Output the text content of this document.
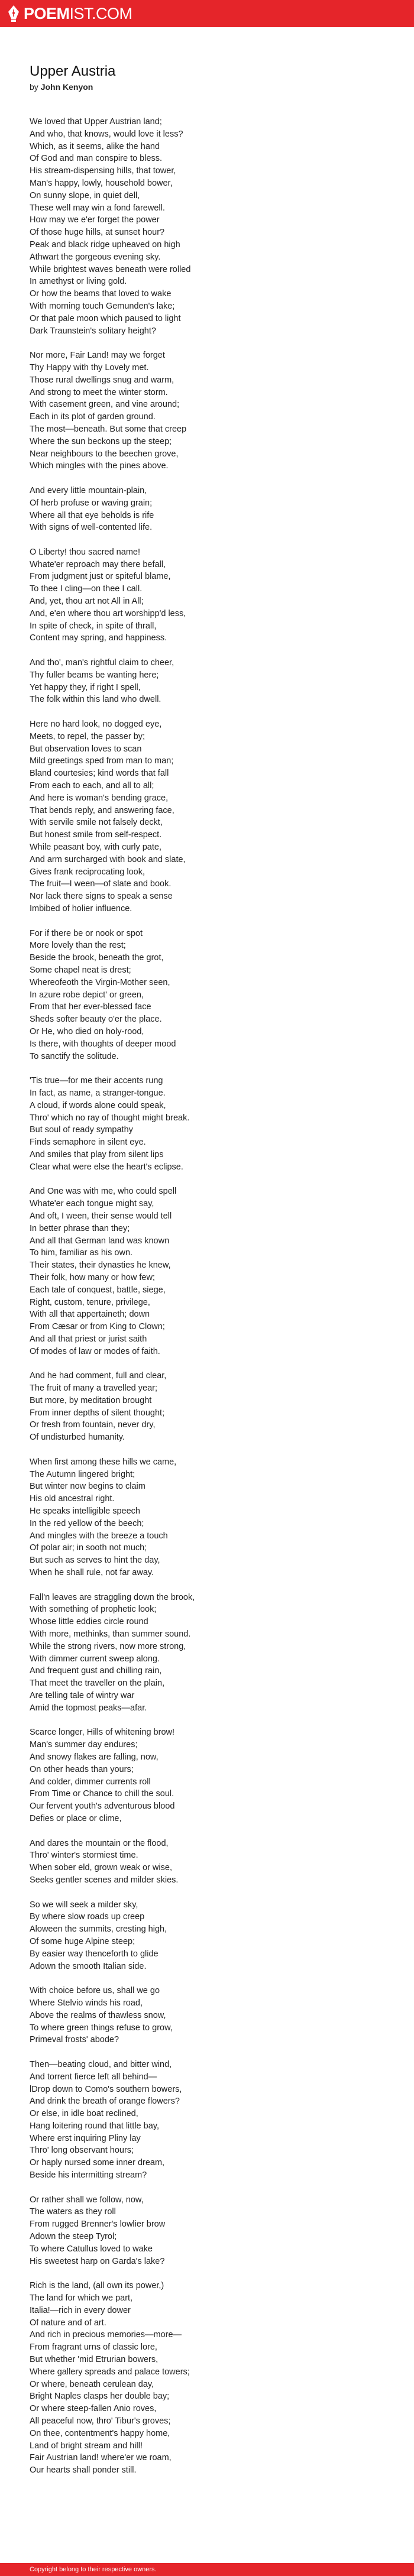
POEMIST.COM
Upper Austria
by John Kenyon
We loved that Upper Austrian land;
And who, that knows, would love it less?
Which, as it seems, alike the hand
Of God and man conspire to bless.
His stream-dispensing hills, that tower,
Man's happy, lowly, household bower,
On sunny slope, in quiet dell,
These well may win a fond farewell.
How may we e'er forget the power
Of those huge hills, at sunset hour?
Peak and black ridge upheaved on high
Athwart the gorgeous evening sky.
While brightest waves beneath were rolled
In amethyst or living gold.
Or how the beams that loved to wake
With morning touch Gemunden's lake;
Or that pale moon which paused to light
Dark Traunstein's solitary height?
Nor more, Fair Land! may we forget
Thy Happy with thy Lovely met.
Those rural dwellings snug and warm,
And strong to meet the winter storm.
With casement green, and vine around;
Each in its plot of garden ground.
The most—beneath. But some that creep
Where the sun beckons up the steep;
Near neighbours to the beechen grove,
Which mingles with the pines above.
And every little mountain-plain,
Of herb profuse or waving grain;
Where all that eye beholds is rife
With signs of well-contented life.
O Liberty! thou sacred name!
Whate'er reproach may there befall,
From judgment just or spiteful blame,
To thee I cling—on thee I call.
And, yet, thou art not All in All;
And, e'en where thou art worshipp'd less,
In spite of check, in spite of thrall,
Content may spring, and happiness.
And tho', man's rightful claim to cheer,
Thy fuller beams be wanting here;
Yet happy they, if right I spell,
The folk within this land who dwell.
Here no hard look, no dogged eye,
Meets, to repel, the passer by;
But observation loves to scan
Mild greetings sped from man to man;
Bland courtesies; kind words that fall
From each to each, and all to all;
And here is woman's bending grace,
That bends reply, and answering face,
With servile smile not falsely deckt,
But honest smile from self-respect.
While peasant boy, with curly pate,
And arm surcharged with book and slate,
Gives frank reciprocating look,
The fruit—I ween—of slate and book.
Nor lack there signs to speak a sense
Imbibed of holier influence.
For if there be or nook or spot
More lovely than the rest;
Beside the brook, beneath the grot,
Some chapel neat is drest;
Whereofeoth the Virgin-Mother seen,
In azure robe depict' or green,
From that her ever-blessed face
Sheds softer beauty o'er the place.
Or He, who died on holy-rood,
Is there, with thoughts of deeper mood
To sanctify the solitude.
'Tis true—for me their accents rung
In fact, as name, a stranger-tongue.
A cloud, if words alone could speak,
Thro' which no ray of thought might break.
But soul of ready sympathy
Finds semaphore in silent eye.
And smiles that play from silent lips
Clear what were else the heart's eclipse.
And One was with me, who could spell
Whate'er each tongue might say,
And oft, I ween, their sense would tell
In better phrase than they;
And all that German land was known
To him, familiar as his own.
Their states, their dynasties he knew,
Their folk, how many or how few;
Each tale of conquest, battle, siege,
Right, custom, tenure, privilege,
With all that appertaineth; down
From Cæsar or from King to Clown;
And all that priest or jurist saith
Of modes of law or modes of faith.
And he had comment, full and clear,
The fruit of many a travelled year;
But more, by meditation brought
From inner depths of silent thought;
Or fresh from fountain, never dry,
Of undisturbed humanity.
When first among these hills we came,
The Autumn lingered bright;
But winter now begins to claim
His old ancestral right.
He speaks intelligible speech
In the red yellow of the beech;
And mingles with the breeze a touch
Of polar air; in sooth not much;
But such as serves to hint the day,
When he shall rule, not far away.
Fall'n leaves are straggling down the brook,
With something of prophetic look;
Whose little eddies circle round
With more, methinks, than summer sound.
While the strong rivers, now more strong,
With dimmer current sweep along.
And frequent gust and chilling rain,
That meet the traveller on the plain,
Are telling tale of wintry war
Amid the topmost peaks—afar.
Scarce longer, Hills of whitening brow!
Man's summer day endures;
And snowy flakes are falling, now,
On other heads than yours;
And colder, dimmer currents roll
From Time or Chance to chill the soul.
Our fervent youth's adventurous blood
Defies or place or clime,
And dares the mountain or the flood,
Thro' winter's stormiest time.
When sober eld, grown weak or wise,
Seeks gentler scenes and milder skies.
So we will seek a milder sky,
By where slow roads up creep
Aloween the summits, cresting high,
Of some huge Alpine steep;
By easier way thenceforth to glide
Adown the smooth Italian side.
With choice before us, shall we go
Where Stelvio winds his road,
Above the realms of thawless snow,
To where green things refuse to grow,
Primeval frosts' abode?
Then—beating cloud, and bitter wind,
And torrent fierce left all behind—
lDrop down to Como's southern bowers,
And drink the breath of orange flowers?
Or else, in idle boat reclined,
Hang loitering round that little bay,
Where erst inquiring Pliny lay
Thro' long observant hours;
Or haply nursed some inner dream,
Beside his intermitting stream?
Or rather shall we follow, now,
The waters as they roll
From rugged Brenner's lowlier brow
Adown the steep Tyrol;
To where Catullus loved to wake
His sweetest harp on Garda's lake?
Rich is the land, (all own its power,)
The land for which we part,
Italia!—rich in every dower
Of nature and of art.
And rich in precious memories—more—
From fragrant urns of classic lore,
But whether 'mid Etrurian bowers,
Where gallery spreads and palace towers;
Or where, beneath cerulean day,
Bright Naples clasps her double bay;
Or where steep-fallen Anio roves,
All peaceful now, thro' Tibur's groves;
On thee, contentment's happy home,
Land of bright stream and hill!
Fair Austrian land! where'er we roam,
Our hearts shall ponder still.
Copyright belong to their respective owners.
